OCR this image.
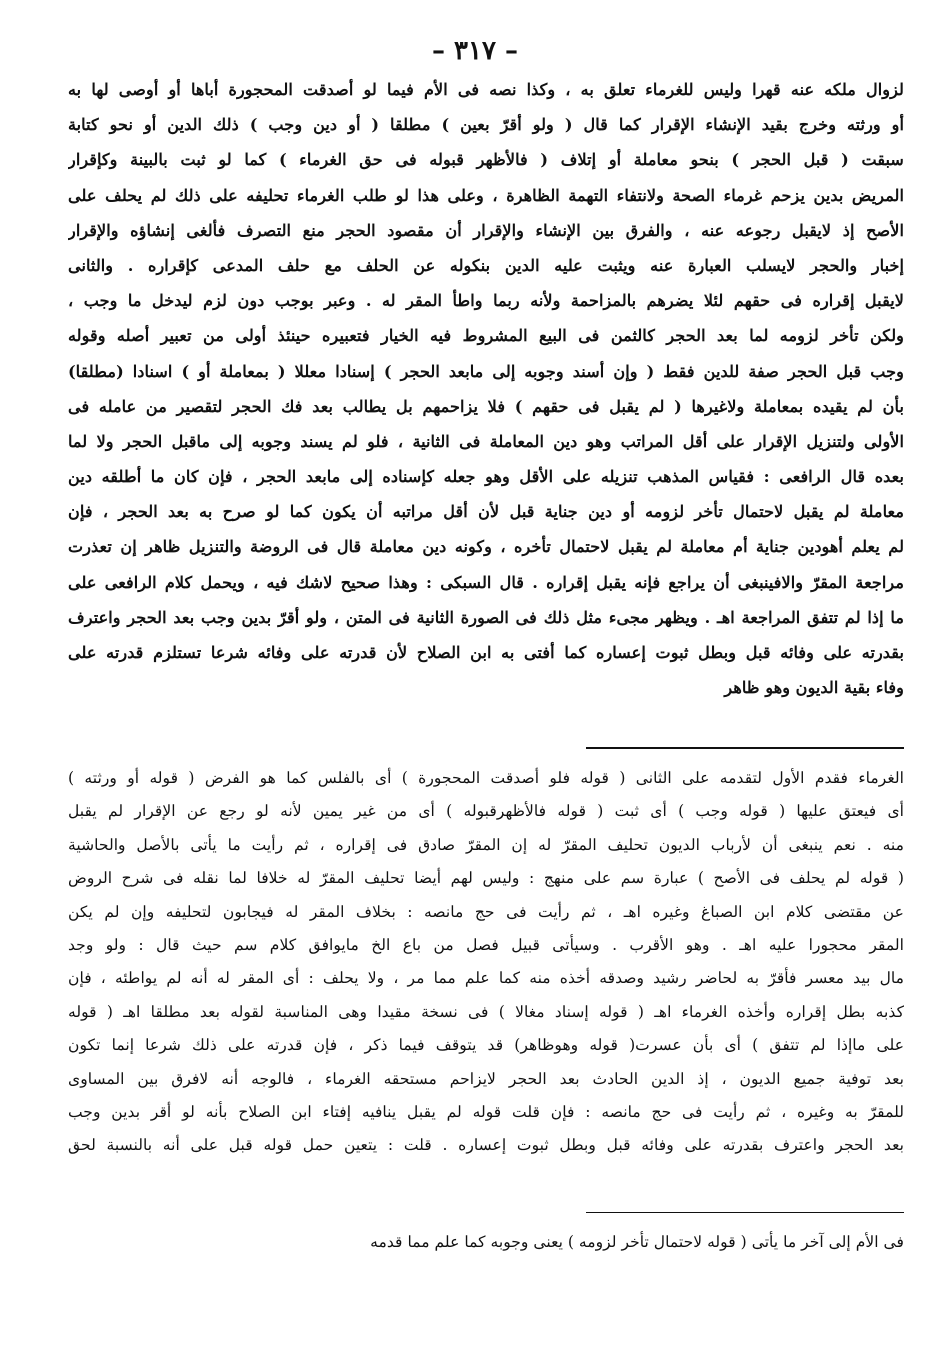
– ٣١٧ –
لزوال ملكه عنه قهرا وليس للغرماء تعلق به ، وكذا نصه فى الأم فيما لو أصدقت المحجورة أباها أو أوصى لها به
أو ورثته وخرج بقيد الإنشاء الإقرار كما قال ( ولو أقرّ بعين ) مطلقا ( أو دين وجب ) ذلك الدين أو نحو كتابة
سبقت ( قبل الحجر ) بنحو معاملة أو إتلاف ( فالأظهر قبوله فى حق الغرماء ) كما لو ثبت بالبينة وكإقرار
المريض بدين يزحم غرماء الصحة ولانتفاء التهمة الظاهرة ، وعلى هذا لو طلب الغرماء تحليفه على ذلك لم يحلف على
الأصح إذ لايقبل رجوعه عنه ، والفرق بين الإنشاء والإقرار أن مقصود الحجر منع التصرف فألغى إنشاؤه والإقرار
إخبار والحجر لايسلب العبارة عنه ويثبت عليه الدين بنكوله عن الحلف مع حلف المدعى كإقراره . والثانى
لايقبل إقراره فى حقهم لئلا يضرهم بالمزاحمة ولأنه ربما واطأ المقر له . وعبر بوجب دون لزم ليدخل ما وجب ،
ولكن تأخر لزومه لما بعد الحجر كالثمن فى البيع المشروط فيه الخيار فتعبيره حينئذ أولى من تعبير أصله وقوله
وجب قبل الحجر صفة للدين فقط ( وإن أسند وجوبه إلى مابعد الحجر ) إسنادا معللا ( بمعاملة أو ) اسنادا (مطلقا)
بأن لم يقيده بمعاملة ولاغيرها ( لم يقبل فى حقهم ) فلا يزاحمهم بل يطالب بعد فك الحجر لتقصير من عامله فى
الأولى ولتنزيل الإقرار على أقل المراتب وهو دين المعاملة فى الثانية ، فلو لم يسند وجوبه إلى ماقبل الحجر ولا لما
بعده قال الرافعى : فقياس المذهب تنزيله على الأقل وهو جعله كإسناده إلى مابعد الحجر ، فإن كان ما أطلقه دين
معاملة لم يقبل لاحتمال تأخر لزومه أو دين جناية قبل لأن أقل مراتبه أن يكون كما لو صرح به بعد الحجر ، فإن
لم يعلم أهودين جناية أم معاملة لم يقبل لاحتمال تأخره ، وكونه دين معاملة قال فى الروضة والتنزيل ظاهر إن تعذرت
مراجعة المقرّ والافينبغى أن يراجع فإنه يقبل إقراره . قال السبكى : وهذا صحيح لاشك فيه ، ويحمل كلام الرافعى على
ما إذا لم تتفق المراجعة اهـ . ويظهر مجىء مثل ذلك فى الصورة الثانية فى المتن ، ولو أقرّ بدين وجب بعد الحجر واعترف
بقدرته على وفائه قبل وبطل ثبوت إعساره كما أفتى به ابن الصلاح لأن قدرته على وفائه شرعا تستلزم قدرته على
وفاء بقية الديون وهو ظاهر
الغرماء فقدم الأول لتقدمه على الثانى ( قوله فلو أصدقت المحجورة ) أى بالفلس كما هو الفرض ( قوله أو ورثته )
أى فيعتق عليها ( قوله وجب ) أى ثبت ( قوله فالأظهرقبوله ) أى من غير يمين لأنه لو رجع عن الإقرار لم يقبل
منه . نعم ينبغى أن لأرباب الديون تحليف المقرّ له إن المقرّ صادق فى إقراره ، ثم رأيت ما يأتى بالأصل والحاشية
( قوله لم يحلف فى الأصح ) عبارة سم على منهج : وليس لهم أيضا تحليف المقرّ له خلافا لما نقله فى شرح الروض
عن مقتضى كلام ابن الصباغ وغيره اهـ ، ثم رأيت فى حج مانصه : بخلاف المقر له فيجابون لتحليفه وإن لم يكن
المقر محجورا عليه اهـ . وهو الأقرب . وسيأتى قبيل فصل من باع الخ مايوافق كلام سم حيث قال : ولو وجد
مال بيد معسر فأقرّ به لحاضر رشيد وصدقه أخذه منه كما علم مما مر ، ولا يحلف : أى المقر له أنه لم يواطئه ، فإن
كذبه بطل إقراره وأخذه الغرماء اهـ ( قوله إسناد مغالا ) فى نسخة مقيدا وهى المناسبة لقوله بعد مطلقا اهـ ( قوله
على ماإذا لم تتفق ) أى بأن عسرت( قوله وهوظاهر) قد يتوقف فيما ذكر ، فإن قدرته على ذلك شرعا إنما تكون
بعد توفية جميع الديون ، إذ الدين الحادث بعد الحجر لايزاحم مستحقه الغرماء ، فالوجه أنه لافرق بين المساوى
للمقرّ به وغيره ، ثم رأيت فى حج مانصه : فإن قلت قوله لم يقبل ينافيه إفتاء ابن الصلاح بأنه لو أقر بدين وجب
بعد الحجر واعترف بقدرته على وفائه قبل وبطل ثبوت إعساره . قلت : يتعين حمل قوله قبل على أنه بالنسبة لحق
فى الأم إلى آخر ما يأتى ( قوله لاحتمال تأخر لزومه ) يعنى وجوبه كما علم مما قدمه
